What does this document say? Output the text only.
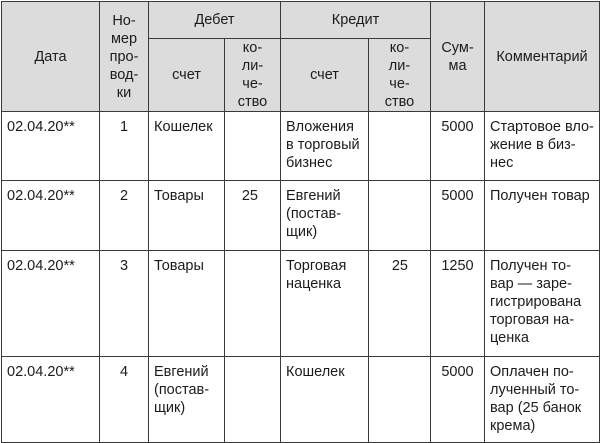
Дата	Но-
мер
про-
вод-
ки	Дебет		Кредит		Сум-
ма	Комментарий
		счет	ко-
ли-
че-
ство	счет	ко-
ли-
че-
ство		

02.04.20**	1	Кошелек		Вложения
в торговый
бизнес		5000	Стартовое вло-
жение в биз-
нес

02.04.20**	2	Товары	25	Евгений
(постав-
щик)		5000	Получен товар

02.04.20**	3	Товары		Торговая
наценка	25	1250	Получен то-
вар — заре-
гистрирована
торговая на-
ценка

02.04.20**	4	Евгений
(постав-
щик)		Кошелек		5000	Оплачен по-
лученный то-
вар (25 банок
крема)
